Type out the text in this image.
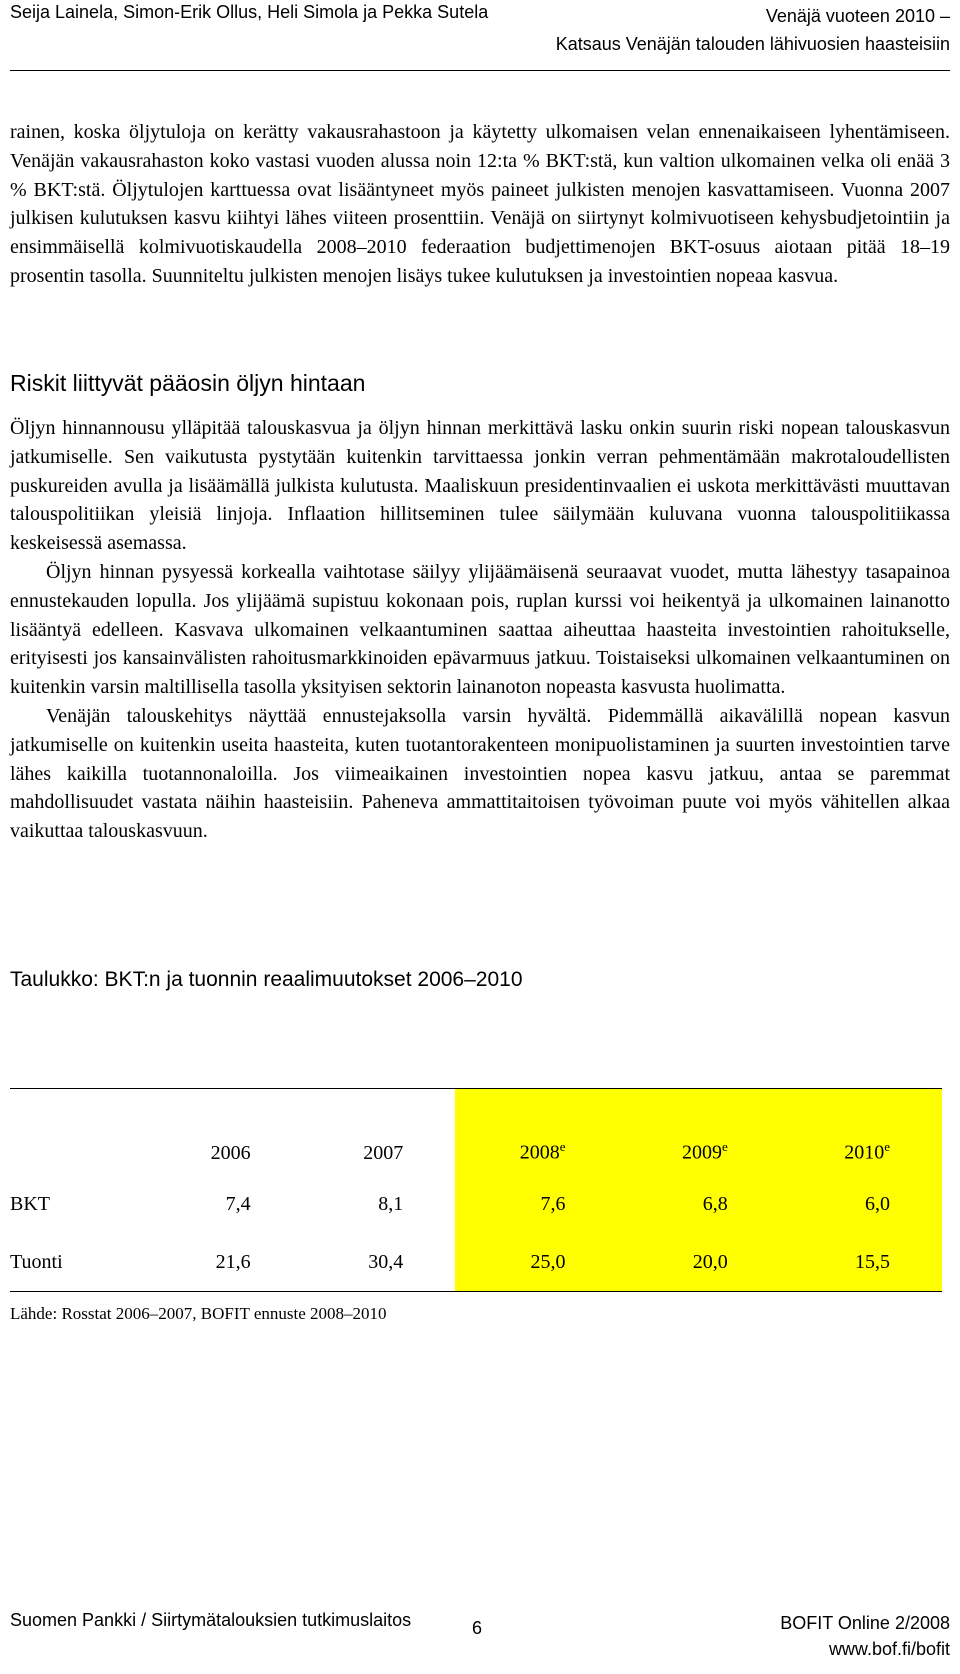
Seija Lainela, Simon-Erik Ollus, Heli Simola ja Pekka Sutela	Venäjä vuoteen 2010 –
Katsaus Venäjän talouden lähivuosien haasteisiin

rainen, koska öljytuloja on kerätty vakausrahastoon ja käytetty ulkomaisen velan ennenaikaiseen lyhentämiseen. Venäjän vakausrahaston koko vastasi vuoden alussa noin 12:ta % BKT:stä, kun valtion ulkomainen velka oli enää 3 % BKT:stä. Öljytulojen karttuessa ovat lisääntyneet myös paineet julkisten menojen kasvattamiseen. Vuonna 2007 julkisen kulutuksen kasvu kiihtyi lähes viiteen prosenttiin. Venäjä on siirtynyt kolmivuotiseen kehysbudjetointiin ja ensimmäisellä kolmivuotiskaudella 2008–2010 federaation budjettimenojen BKT-osuus aiotaan pitää 18–19 prosentin tasolla. Suunniteltu julkisten menojen lisäys tukee kulutuksen ja investointien nopeaa kasvua.

Riskit liittyvät pääosin öljyn hintaan

Öljyn hinnannousu ylläpitää talouskasvua ja öljyn hinnan merkittävä lasku onkin suurin riski nopean talouskasvun jatkumiselle. Sen vaikutusta pystytään kuitenkin tarvittaessa jonkin verran pehmentämään makrotaloudellisten puskureiden avulla ja lisäämällä julkista kulutusta. Maaliskuun presidentinvaalien ei uskota merkittävästi muuttavan talouspolitiikan yleisiä linjoja. Inflaation hillitseminen tulee säilymään kuluvana vuonna talouspolitiikassa keskeisessä asemassa.

Öljyn hinnan pysyessä korkealla vaihtotase säilyy ylijäämäisenä seuraavat vuodet, mutta lähestyy tasapainoa ennustekauden lopulla. Jos ylijäämä supistuu kokonaan pois, ruplan kurssi voi heikentyä ja ulkomainen lainanotto lisääntyä edelleen. Kasvava ulkomainen velkaantuminen saattaa aiheuttaa haasteita investointien rahoitukselle, erityisesti jos kansainvälisten rahoitusmarkkinoiden epävarmuus jatkuu. Toistaiseksi ulkomainen velkaantuminen on kuitenkin varsin maltillisella tasolla yksityisen sektorin lainanoton nopeasta kasvusta huolimatta.

Venäjän talouskehitys näyttää ennustejaksolla varsin hyvältä. Pidemmällä aikavälillä nopean kasvun jatkumiselle on kuitenkin useita haasteita, kuten tuotantorakenteen monipuolistaminen ja suurten investointien tarve lähes kaikilla tuotannonaloilla. Jos viimeaikainen investointien nopea kasvu jatkuu, antaa se paremmat mahdollisuudet vastata näihin haasteisiin. Paheneva ammattitaitoisen työvoiman puute voi myös vähitellen alkaa vaikuttaa talouskasvuun.

Taulukko: BKT:n ja tuonnin reaalimuutokset 2006–2010

	2006	2007	2008e	2009e	2010e
BKT	7,4	8,1	7,6	6,8	6,0
Tuonti	21,6	30,4	25,0	20,0	15,5
Lähde: Rosstat 2006–2007, BOFIT ennuste 2008–2010
Suomen Pankki / Siirtymätalouksien tutkimuslaitos	6	BOFIT Online 2/2008
www.bof.fi/bofit
